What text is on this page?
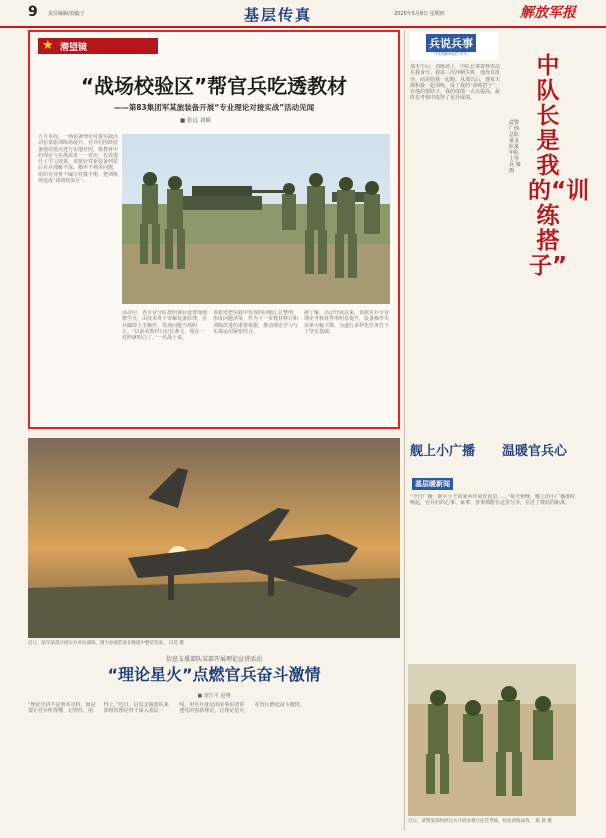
9 责任编辑/刘毅子	基层传真	2025年5月8日 星期四	解放军报
★ 潜望镜
“战场校验区”帮官兵吃透教材
——第83集团军某旅装备开展“专业理论对接实战”活动见闻
■ 张远 刘楠
五月本周，一场装备理论对接实践活动在某旅训练场展开。官兵们围绕装备使用要点进行实地对照，将教材中的理论与实战需求一一对应，有效提升了学习效果。该旅针对新装备列装后官兵理解不深、操作不熟等问题，组织专业骨干编写对接手册，把训练场变成“战场校验区”。
活动中，各专业分队按照课目设置现地教学点，由技术骨干讲解装备原理，官兵随即上手操作，发现问题当场纠正。“以前看教材只记住条文，现在一对照就明白了。”一名战士说。
该旅还把实践中发现的问题汇总整理，形成问题清单，作为下一步教材修订和训练改进的重要依据，推动理论学习与实战运用紧密结合。
据了解，活动开展以来，该旅官兵专业理论考核优秀率明显提升，装备操作失误率大幅下降，为遂行多样化任务打下了坚实基础。
兵说兵事
中国新闻名专栏	中队长是我的“训练搭子”
武警广西总队某支队某中队上等兵 梁雨
那天午后，训练场上，中队长拿着秒表站在我身旁。我第三次冲刺失败，他没有批评，而是陪我一起跑。从那以后，他每天都和我一起训练，成了我的“训练搭子”。在他的帮助下，我的成绩一点点提高，最终在考核中取得了优异成绩。
舰上小广播 温暖官兵心
基层暖新闻
“今日广播：新兵小王的家乡传来好消息……”每天傍晚，舰上的小广播准时响起，官兵们的心事、家事、喜事都能在这里分享，拉近了彼此的距离。
近日，陆军某部开展实兵对抗演练，图为参演装备在晚霞中整装待发。 冯昊 摄
信息支援部队某部开展理论宣讲活动
“理论星火”点燃官兵奋斗激情
■ 唐江平 赵翔
“理论宣讲不是照本宣科，而是要让官兵听得懂、记得住、用得上。”近日，信息支援部队某部组织理论骨干深入基层一线，用官兵身边的故事讲清讲透党的创新理论，让理论星火在营区燃起奋斗激情。
近日，武警某部组织官兵开展多课目连贯考核，检验训练成效。 康 晨 摄
